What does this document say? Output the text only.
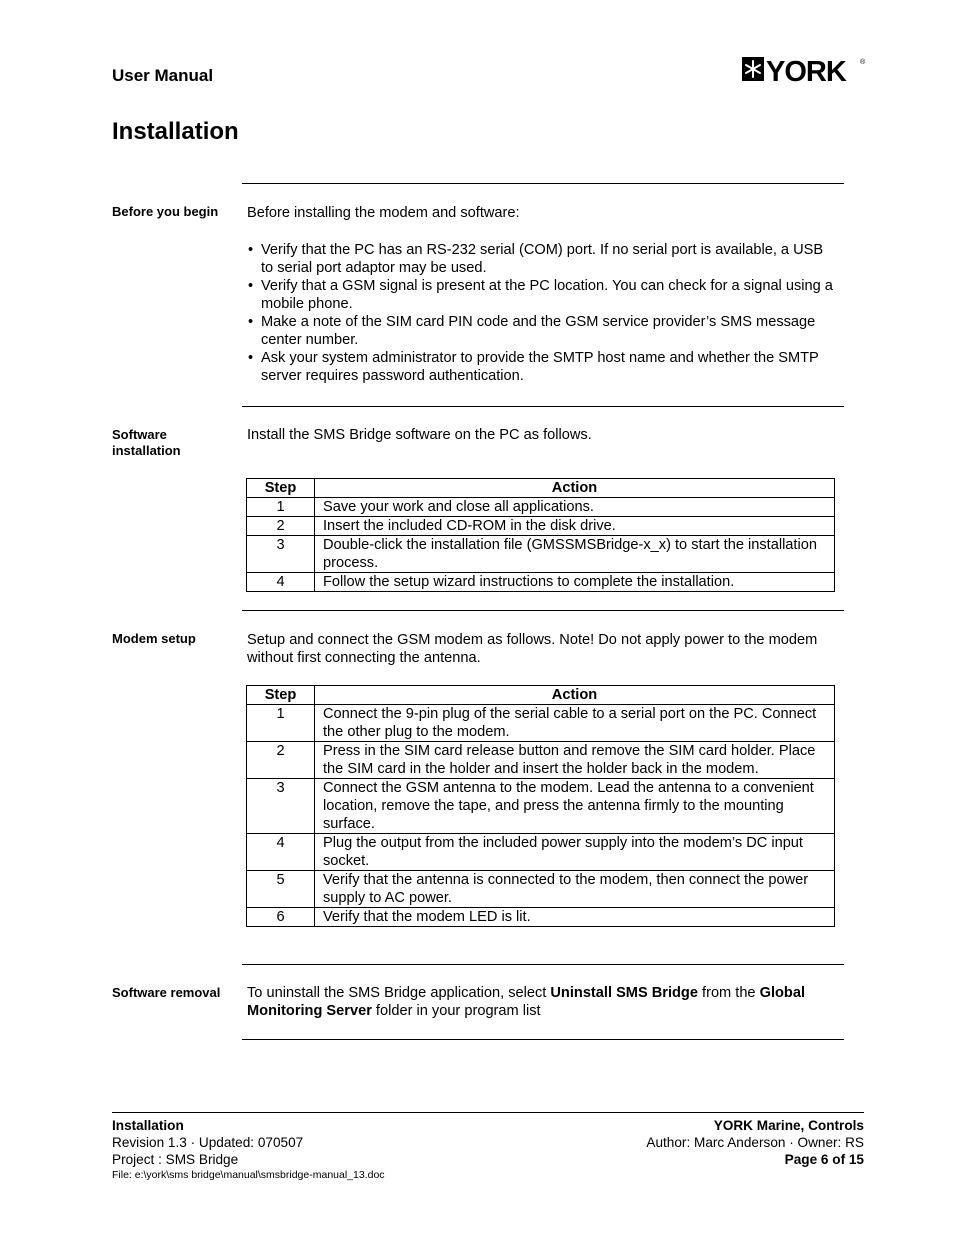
User Manual	YORK ®
Installation
Before you begin	Before installing the modem and software:
• Verify that the PC has an RS-232 serial (COM) port. If no serial port is available, a USB to serial port adaptor may be used.
• Verify that a GSM signal is present at the PC location. You can check for a signal using a mobile phone.
• Make a note of the SIM card PIN code and the GSM service provider’s SMS message center number.
• Ask your system administrator to provide the SMTP host name and whether the SMTP server requires password authentication.
Software installation
Install the SMS Bridge software on the PC as follows.
Step	Action
1	Save your work and close all applications.
2	Insert the included CD-ROM in the disk drive.
3	Double-click the installation file (GMSSMSBridge-x_x) to start the installation process.
4	Follow the setup wizard instructions to complete the installation.
Modem setup	Setup and connect the GSM modem as follows. Note! Do not apply power to the modem without first connecting the antenna.
Step	Action
1	Connect the 9-pin plug of the serial cable to a serial port on the PC. Connect the other plug to the modem.
2	Press in the SIM card release button and remove the SIM card holder. Place the SIM card in the holder and insert the holder back in the modem.
3	Connect the GSM antenna to the modem. Lead the antenna to a convenient location, remove the tape, and press the antenna firmly to the mounting surface.
4	Plug the output from the included power supply into the modem’s DC input socket.
5	Verify that the antenna is connected to the modem, then connect the power supply to AC power.
6	Verify that the modem LED is lit.
Software removal	To uninstall the SMS Bridge application, select Uninstall SMS Bridge from the Global Monitoring Server folder in your program list
Installation
Revision 1.3 · Updated: 070507
Project : SMS Bridge
File: e:\york\sms bridge\manual\smsbridge-manual_13.doc
YORK Marine, Controls
Author: Marc Anderson · Owner: RS
Page 6 of 15
